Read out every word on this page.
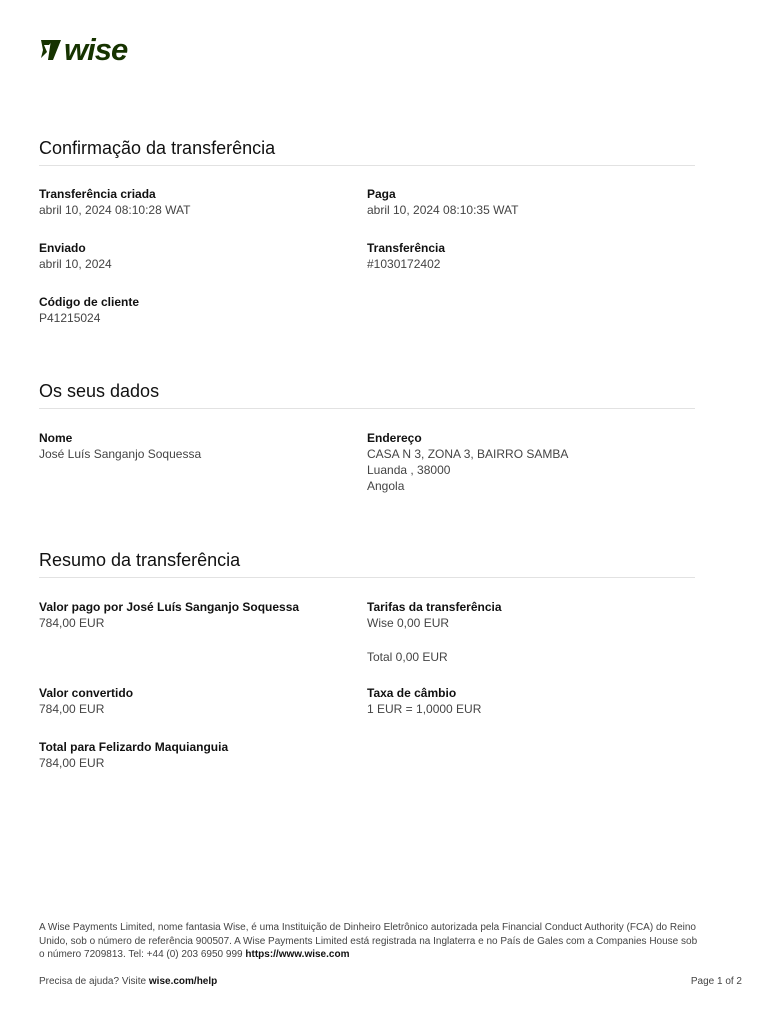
wise
Confirmação da transferência
Transferência criada
abril 10, 2024 08:10:28 WAT
Paga
abril 10, 2024 08:10:35 WAT
Enviado
abril 10, 2024
Transferência
#1030172402
Código de cliente
P41215024
Os seus dados
Nome
José Luís Sanganjo Soquessa
Endereço
CASA N 3, ZONA 3, BAIRRO SAMBA
Luanda , 38000
Angola
Resumo da transferência
Valor pago por José Luís Sanganjo Soquessa
784,00 EUR
Tarifas da transferência
Wise 0,00 EUR
Total 0,00 EUR
Valor convertido
784,00 EUR
Taxa de câmbio
1 EUR = 1,0000 EUR
Total para Felizardo Maquianguia
784,00 EUR
A Wise Payments Limited, nome fantasia Wise, é uma Instituição de Dinheiro Eletrônico autorizada pela Financial Conduct Authority (FCA) do Reino Unido, sob o número de referência 900507. A Wise Payments Limited está registrada na Inglaterra e no País de Gales com a Companies House sob o número 7209813. Tel: +44 (0) 203 6950 999 https://www.wise.com
Precisa de ajuda? Visite wise.com/help	Page 1 of 2
